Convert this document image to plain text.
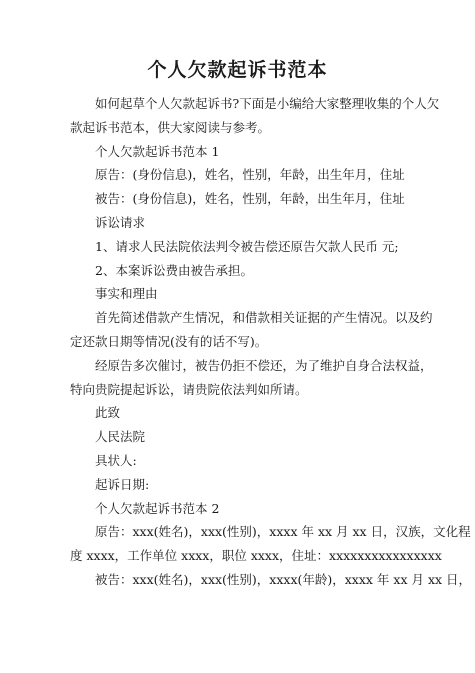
个人欠款起诉书范本

如何起草个人欠款起诉书?下面是小编给大家整理收集的个人欠

款起诉书范本，供大家阅读与参考。

个人欠款起诉书范本 1

原告：(身份信息)，姓名，性别，年龄，出生年月，住址

被告：(身份信息)，姓名，性别，年龄，出生年月，住址

诉讼请求

1、请求人民法院依法判令被告偿还原告欠款人民币 元;

2、本案诉讼费由被告承担。

事实和理由

首先简述借款产生情况，和借款相关证据的产生情况。以及约

定还款日期等情况(没有的话不写)。

经原告多次催讨，被告仍拒不偿还，为了维护自身合法权益，

特向贵院提起诉讼，请贵院依法判如所请。

此致

人民法院

具状人:

起诉日期:

个人欠款起诉书范本 2

原告：xxx(姓名)，xxx(性别)，xxxx 年 xx 月 xx 日，汉族，文化程

度 xxxx，工作单位 xxxx，职位 xxxx，住址：xxxxxxxxxxxxxxxx

被告：xxx(姓名)，xxx(性别)，xxxx(年龄)，xxxx 年 xx 月 xx 日，
